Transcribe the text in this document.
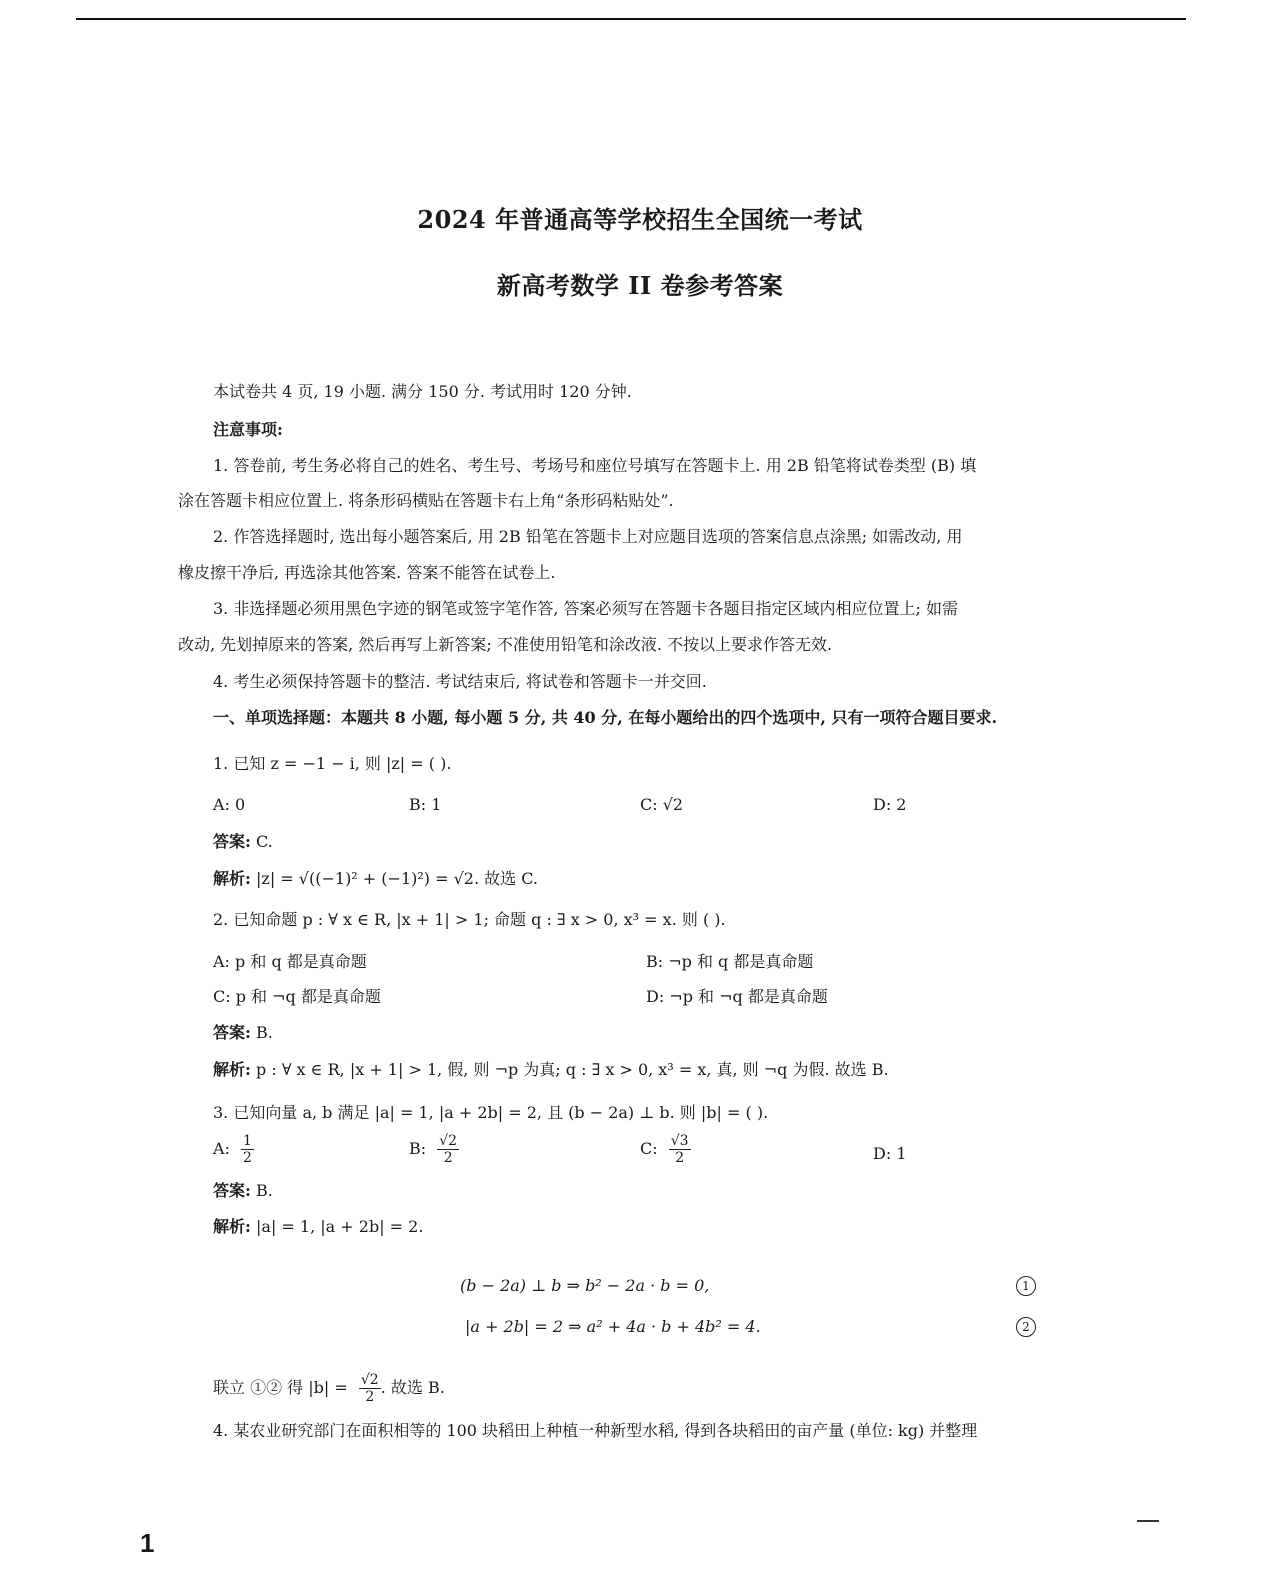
2024 年普通高等学校招生全国统一考试
新高考数学 II 卷参考答案
本试卷共 4 页, 19 小题. 满分 150 分. 考试用时 120 分钟.
注意事项:
1. 答卷前, 考生务必将自己的姓名、考生号、考场号和座位号填写在答题卡上. 用 2B 铅笔将试卷类型 (B) 填
涂在答题卡相应位置上. 将条形码横贴在答题卡右上角“条形码粘贴处”.
2. 作答选择题时, 选出每小题答案后, 用 2B 铅笔在答题卡上对应题目选项的答案信息点涂黑; 如需改动, 用
橡皮擦干净后, 再选涂其他答案. 答案不能答在试卷上.
3. 非选择题必须用黑色字迹的钢笔或签字笔作答, 答案必须写在答题卡各题目指定区域内相应位置上; 如需
改动, 先划掉原来的答案, 然后再写上新答案; 不准使用铅笔和涂改液. 不按以上要求作答无效.
4. 考生必须保持答题卡的整洁. 考试结束后, 将试卷和答题卡一并交回.
一、单项选择题：本题共 8 小题, 每小题 5 分, 共 40 分, 在每小题给出的四个选项中, 只有一项符合题目要求.
1. 已知 z = −1 − i, 则 |z| = ( ).
A: 0	B: 1	C: √2	D: 2
答案: C.
解析: |z| = √((−1)² + (−1)²) = √2. 故选 C.
2. 已知命题 p : ∀ x ∈ R, |x + 1| > 1; 命题 q : ∃ x > 0, x³ = x. 则 ( ).
A: p 和 q 都是真命题	B: ¬p 和 q 都是真命题
C: p 和 ¬q 都是真命题	D: ¬p 和 ¬q 都是真命题
答案: B.
解析: p : ∀ x ∈ R, |x + 1| > 1, 假, 则 ¬p 为真; q : ∃ x > 0, x³ = x, 真, 则 ¬q 为假. 故选 B.
3. 已知向量 a, b 满足 |a| = 1, |a + 2b| = 2, 且 (b − 2a) ⊥ b. 则 |b| = ( ).
A: $\frac{1}{2}$	B: $\frac{√2}{2}$	C: $\frac{√3}{2}$	D: 1
答案: B.
解析: |a| = 1, |a + 2b| = 2.
(b − 2a) ⊥ b ⇒ b² − 2a · b = 0,	1
|a + 2b| = 2 ⇒ a² + 4a · b + 4b² = 4.	2
联立 ①② 得 $|b| = \frac{√2}{2}$ . 故选 B.
4. 某农业研究部门在面积相等的 100 块稻田上种植一种新型水稻, 得到各块稻田的亩产量 (单位: kg) 并整理
1
